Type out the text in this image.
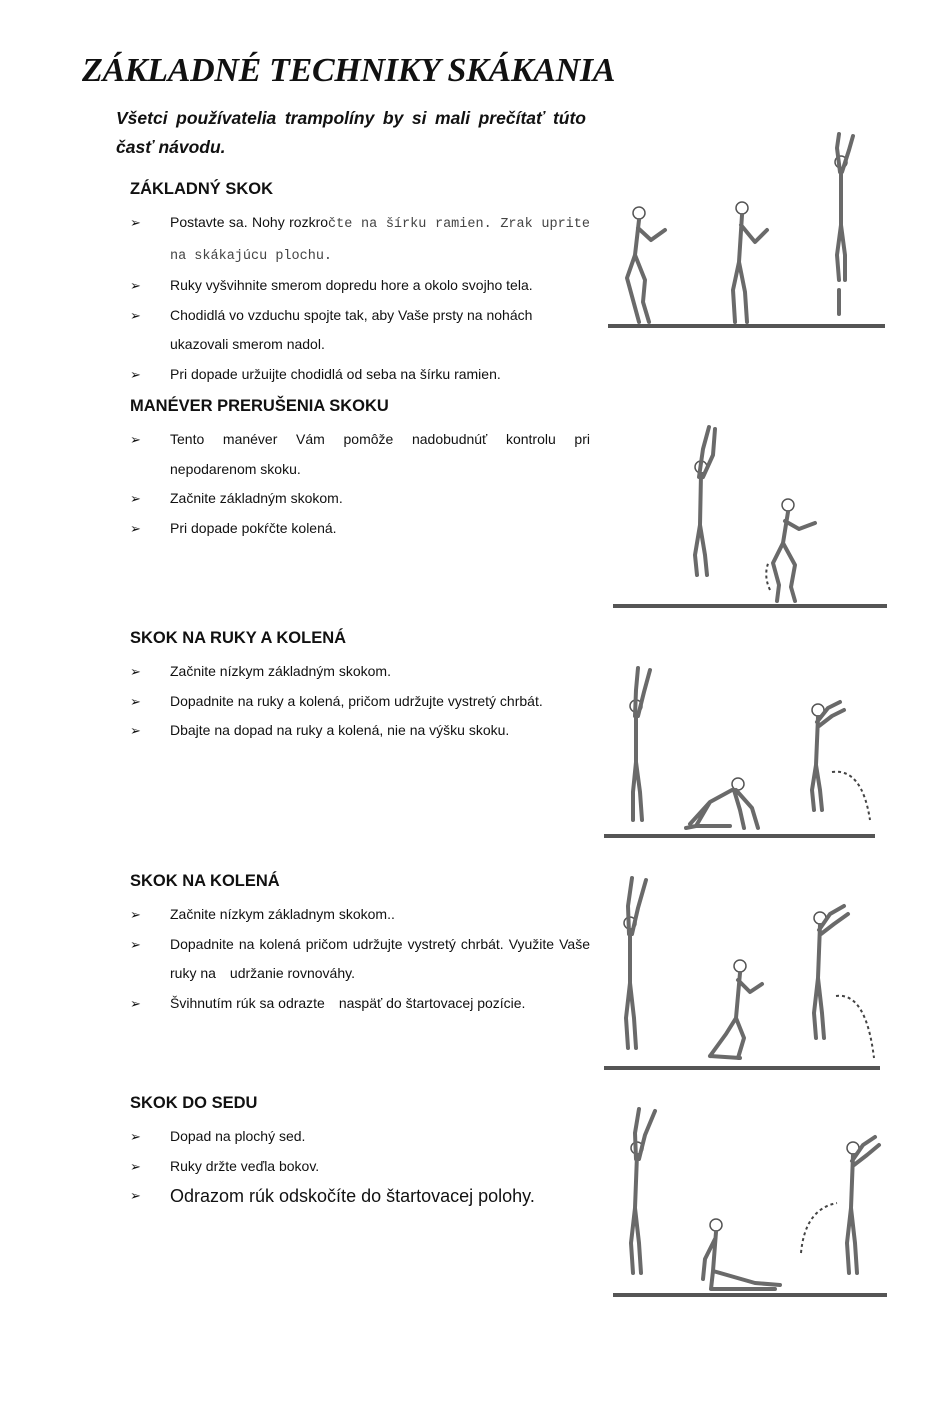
ZÁKLADNÉ TECHNIKY SKÁKANIA
Všetci používatelia trampolíny by si mali prečítať túto časť návodu.
ZÁKLADNÝ SKOK
➢ Postavte sa. Nohy rozkročte na šírku ramien. Zrak uprite na skákajúcu plochu.
➢ Ruky vyšvihnite smerom dopredu hore a okolo svojho tela.
➢ Chodidlá vo vzduchu spojte tak, aby Vaše prsty na nohách ukazovali smerom nadol.
➢ Pri dopade uržuijte chodidlá od seba na šírku ramien.
MANÉVER PRERUŠENIA SKOKU
➢ Tento manéver Vám pomôže nadobudnúť kontrolu pri nepodarenom skoku.
➢ Začnite základným skokom.
➢ Pri dopade pokŕčte kolená.
SKOK NA RUKY A KOLENÁ
➢ Začnite nízkym základným skokom.
➢ Dopadnite na ruky a kolená, pričom udržujte vystretý chrbát.
➢ Dbajte na dopad na ruky a kolená, nie na výšku skoku.
SKOK NA KOLENÁ
➢ Začnite nízkym základnym skokom..
➢ Dopadnite na kolená pričom udržujte vystretý chrbát. Využite Vaše ruky na udržanie rovnováhy.
➢ Švihnutím rúk sa odrazte naspäť do štartovacej pozície.
SKOK DO SEDU
➢ Dopad na plochý sed.
➢ Ruky držte veďla bokov.
➢ Odrazom rúk odskočíte do štartovacej polohy.
